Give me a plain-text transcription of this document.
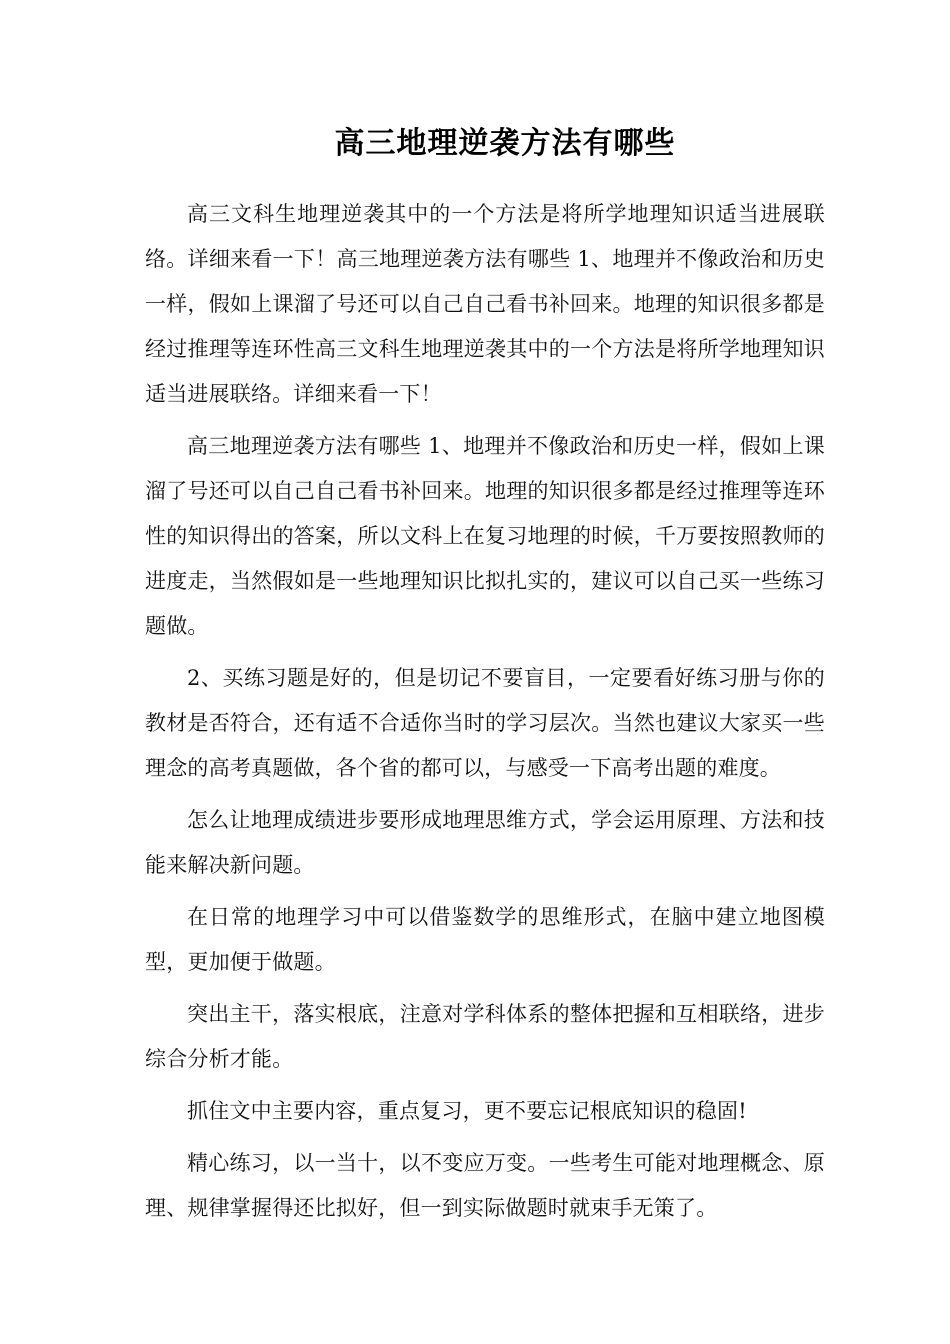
高三地理逆袭方法有哪些

高三文科生地理逆袭其中的一个方法是将所学地理知识适当进展联络。详细来看一下！高三地理逆袭方法有哪些 1、地理并不像政治和历史一样，假如上课溜了号还可以自己自己看书补回来。地理的知识很多都是经过推理等连环性高三文科生地理逆袭其中的一个方法是将所学地理知识适当进展联络。详细来看一下！

高三地理逆袭方法有哪些 1、地理并不像政治和历史一样，假如上课溜了号还可以自己自己看书补回来。地理的知识很多都是经过推理等连环性的知识得出的答案，所以文科上在复习地理的时候，千万要按照教师的进度走，当然假如是一些地理知识比拟扎实的，建议可以自己买一些练习题做。

2、买练习题是好的，但是切记不要盲目，一定要看好练习册与你的教材是否符合，还有适不合适你当时的学习层次。当然也建议大家买一些理念的高考真题做，各个省的都可以，与感受一下高考出题的难度。

怎么让地理成绩进步要形成地理思维方式，学会运用原理、方法和技能来解决新问题。

在日常的地理学习中可以借鉴数学的思维形式，在脑中建立地图模型，更加便于做题。

突出主干，落实根底，注意对学科体系的整体把握和互相联络，进步综合分析才能。

抓住文中主要内容，重点复习，更不要忘记根底知识的稳固!

精心练习，以一当十，以不变应万变。一些考生可能对地理概念、原理、规律掌握得还比拟好，但一到实际做题时就束手无策了。
